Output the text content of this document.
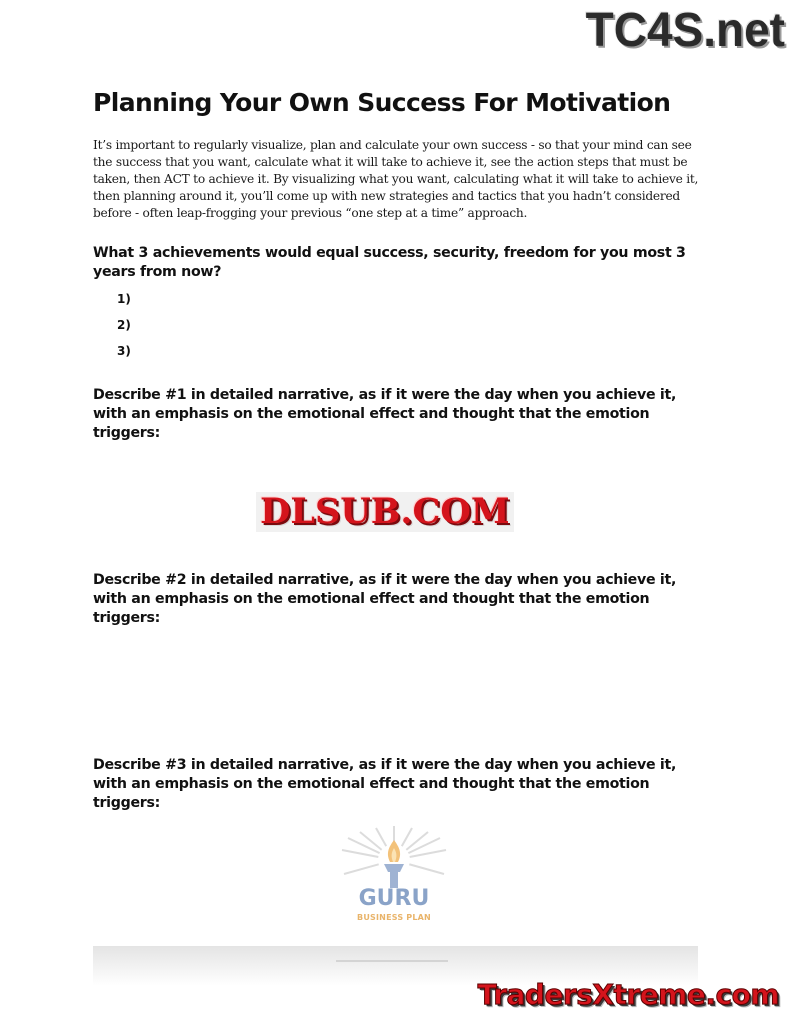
TC4S.net
Planning Your Own Success For Motivation

It’s important to regularly visualize, plan and calculate your own success - so that your mind can see the success that you want, calculate what it will take to achieve it, see the action steps that must be taken, then ACT to achieve it. By visualizing what you want, calculating what it will take to achieve it, then planning around it, you’ll come up with new strategies and tactics that you hadn’t considered before - often leap-frogging your previous “one step at a time” approach.

What 3 achievements would equal success, security, freedom for you most 3 years from now?

1)
2)
3)

Describe #1 in detailed narrative, as if it were the day when you achieve it, with an emphasis on the emotional effect and thought that the emotion triggers:

DLSUB.COM

Describe #2 in detailed narrative, as if it were the day when you achieve it, with an emphasis on the emotional effect and thought that the emotion triggers:

Describe #3 in detailed narrative, as if it were the day when you achieve it, with an emphasis on the emotional effect and thought that the emotion triggers:

GURU
BUSINESS PLAN
TradersXtreme.com
